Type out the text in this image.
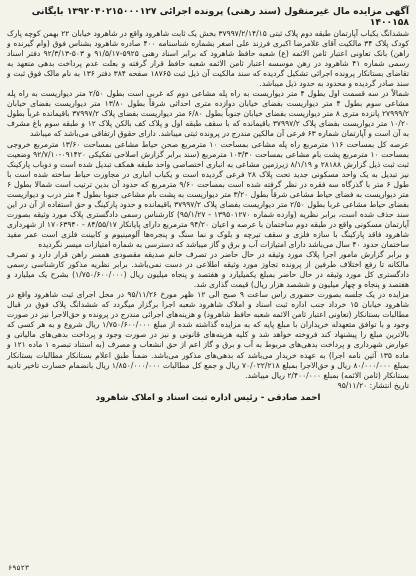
آگهی مزایده مال غیرمنقول (سند رهنی) پرونده اجرائی ۱۳۹۲۰۴۰۲۱۵۰۰۰۱۲۷ بایگانی ۱۴۰۰۱۵۸

ششدانگ یکباب آپارتمان طبقه دوم پلاک ثبتی ۳۷۹۹۷/۲/۱۴/۱۵ بخش یک ثابت شاهرود واقع در شاهرود خیابان ۲۲ بهمن کوچه پارک کودک پلاک ۳۴ مالکیت آقای غلامرضا اکبری فرزند علی اصغر بشماره شناسنامه ۴۰۰ صادره شاهرود بشناس فوق (وام گیرنده و راهن) بانک تعاونی اعتبار ثامن الائمه (ع) شعبه حافظ شاهرود که برابر اسناد رهنی ۵۹۲۵-۹۱/۵/۱۷ و ۵۰۳-۹۲/۳/۱۳ دفتر اسناد رسمی شماره ۴۱ شاهرود در رهن موسسه اعتبار ثامن الائمه شعبه حافظ قرار گرفته و بعلت عدم پرداخت بدهی متعهد به تقاضای بستانکار پرونده اجرائی تشکیل گردیده که سند مالکیت آن ذیل ثبت ۱۸۷۶۵ صفحه ۳۸۴ دفتر ۱۳۶ به نام مالک فوق ثبت و سند صادر گردیده و محدود به حدود ذیل میباشد.

شمالاً در سه قسمت اول بطول ۴ متر دیواریست به راه پله مشاعی دوم که غربی است بطول ۲/۵۰ متر دیواریست به راه پله مشاعی سوم بطول ۴ متر دیواریست بفضای خیابان دوازده متری احداثی شرقاً بطول ۱۳/۸۰ متر دیواریست بفضای خیابان ۲۷۹۹۹/۲ پانزده متری ۸ متر دیواریست بفضای خیابان جنوباً بطول ۶/۸۰ متر دیواریست بفضای پلاک ۳۷۹۹۷/۲ باقیمانده غرباً بطول ۱۰/۲۰ متر دیواریست بفضای پلاک ۳۷۹۹۷/۲ باقیمانده که با سقف طبقه اول و پلاک کف بالکن پلاک ۱۲ و طبقه سوم باغ مشرف به آن است و آپارتمان شماره ۶۳ فرعی آن مالکین مندرج در پرونده ثبتی میباشد. دارای حقوق ارتفاقی می‌باشد که میباشد

عرصه کل بمساحت ۱۱۶ مترمربع راه پله مشاعی بمساحت ۱۰ مترمربع صحن حیاط مشاعی بمساحت ۱۳/۶۰ مترمربع خروجی بمساحت ۱۰ مترمربع پشت بام مشاعی بمساحت ۱۰۳/۳۰ مترمربع (سند برابر گزارش اصلاحی تفکیکی ۰۹۱۴۲۰-۹۲/۷/۱۰ وضعیت ثبت ثبت ذیل گزارش ۲۸۱۸۸ و ۸/۱/۱۹ زیرزمین مشاعی به انباری اختصاصی واحد طبقه همکف تبدیل شده است و دوباب پارکینک نیز تبدیل به یک واحد مسکونی جدید تحت پلاک ۲۸ فرعی گردیده است و یکباب انباری در مجاورت حیاط ساخته شده است با طول ۶ متر با گذرگاه سه فقره در نظر گرفته شده است بمساحت ۹/۶۰ مترمربع که حدود آن بدین ترتیب است شمالا بطول ۶ متر دیواریست به فضای حیاط مشاعی شرقاً بطول ۳/۲۰ متر دیواریست به پشت بام مشاعی جنوبا بطول ۴ متر درب و دیواریست بفضای حیاط مشاعی غربا بطول ۲/۵۰ متر دیواریست بفضای پلاک ۳۷۹۹۷/۲ باقیمانده و حدود پارکینگ و حق استفاده از آن در این سند حذف شده است، برابر نظریه (وارده شماره ۱۳۹۵۰۱۲۷۰ - ۹۵/۱/۲۷) کارشناس رسمی دادگستری پلاک مورد وثیقه بصورت آپارتمان مسکونی واقع در طبقه دوم ساختمان با عرصه و اعیان ۹۴/۲۰ مترمربع دارای پایانکار ۸۴/۵۵/۱۷ - ۱۷۰۶۳۹۴۰ از شهرداری شاهرود فاقد پارکینگ با سازه فلزی و سقف تیرچه و بلوک و نما سنگ و پنجره‌ها آلومینیوم و کابینت فلزی است عمر مفید ساختمان حدود ۴۰ سال می‌باشد دارای امتیازات آب و برق و گاز میباشد که دسترسی به شماره امتیازات میسر نگردیده

و برابر گزارش مامور اجرا پلاک مورد وثیقه در حال حاضر در تصرف خانم صدیقه مقصودی همسر راهن قرار دارد و تصرف مالکانه تا رفع اختلاف طرفین از پرونده تجاوز مورد وثیقه اطلاعی در دست نمی‌باشد. برابر نظریه مذکور کارشناسی رسمی دادگستری کل مورد وثیقه در حال حاضر بمبلغ یکمیلیارد و هفتصد و پنجاه میلیون ریال (۱/۷۵۰/۶۰۰/۰۰۰) بشرح یک میلیارد و هفتصد و پنجاه و چهار میلیون و ششصد هزار ریال) قیمت گذاری شد.

مزایده در یک جلسه بصورت حضوری راس ساعت ۹ صبح الی ۱۲ ظهر مورخ ۹۵/۱۱/۲۶ در محل اجرای ثبت شاهرود واقع در شاهرود خیابان ۱۵ خرداد جنب اداره ثبت اسناد و املاک شاهرود شعبه اجرا برگزار میگردد که ششدانگ پلاک فوق در قبال مطالبات بستانکار (تعاونی اعتبار ثامن الائمه شعبه حافظ شاهرود) و هزینه‌های اجرائی مندرج در پرونده و حق‌الاجرا نیز در صورت وجود و با توافق متعهدله خریداران با مبلغ پایه که به مزایده گذاشته شده از مبلغ ۱/۷۵۰/۶۰۰/۰۰۰ ریال شروع و به هر کسی که بالاترین مبلغ را پیشنهاد کند فروخته خواهد شد و کلیه هزینه‌های قانونی و نیز در صورت وجود و پرداخت بدهی‌های مالیاتی و عوارض شهرداری و پرداخت بدهی‌های مربوط به آب و برق و گاز اعم از حق انشعاب و مصرف (به استناد تبصره ۱ ماده ۱۲۱ و ماده ۱۳۵ آئین نامه اجرا) به عهده خریدار می‌باشد که بدهی‌های مذکور می‌باشد. ضمناً طبق اعلام بستانکار مطالبات بستانکار بمبلغ ۸۰/۰۰۰/۰۰۰ ریال و حق‌الاجرا بمبلغ ۷۰/۰۲۲/۲۱۸ ریال و جمع کل مطالبات ۱/۸۵۰/۰۰۰/۰۰۰ ریال بانضمام خسارت تاخیر تادیه بستانکار (ثامن الائمه) بمبلغ ۲/۴۰۰/۰۰۰ ریال میباشد.

تاریخ انتشار: ۹۵/۱۱/۲۰

احمد صادقی - رئیس اداره ثبت اسناد و املاک شاهرود
۶۹۵۲۳
